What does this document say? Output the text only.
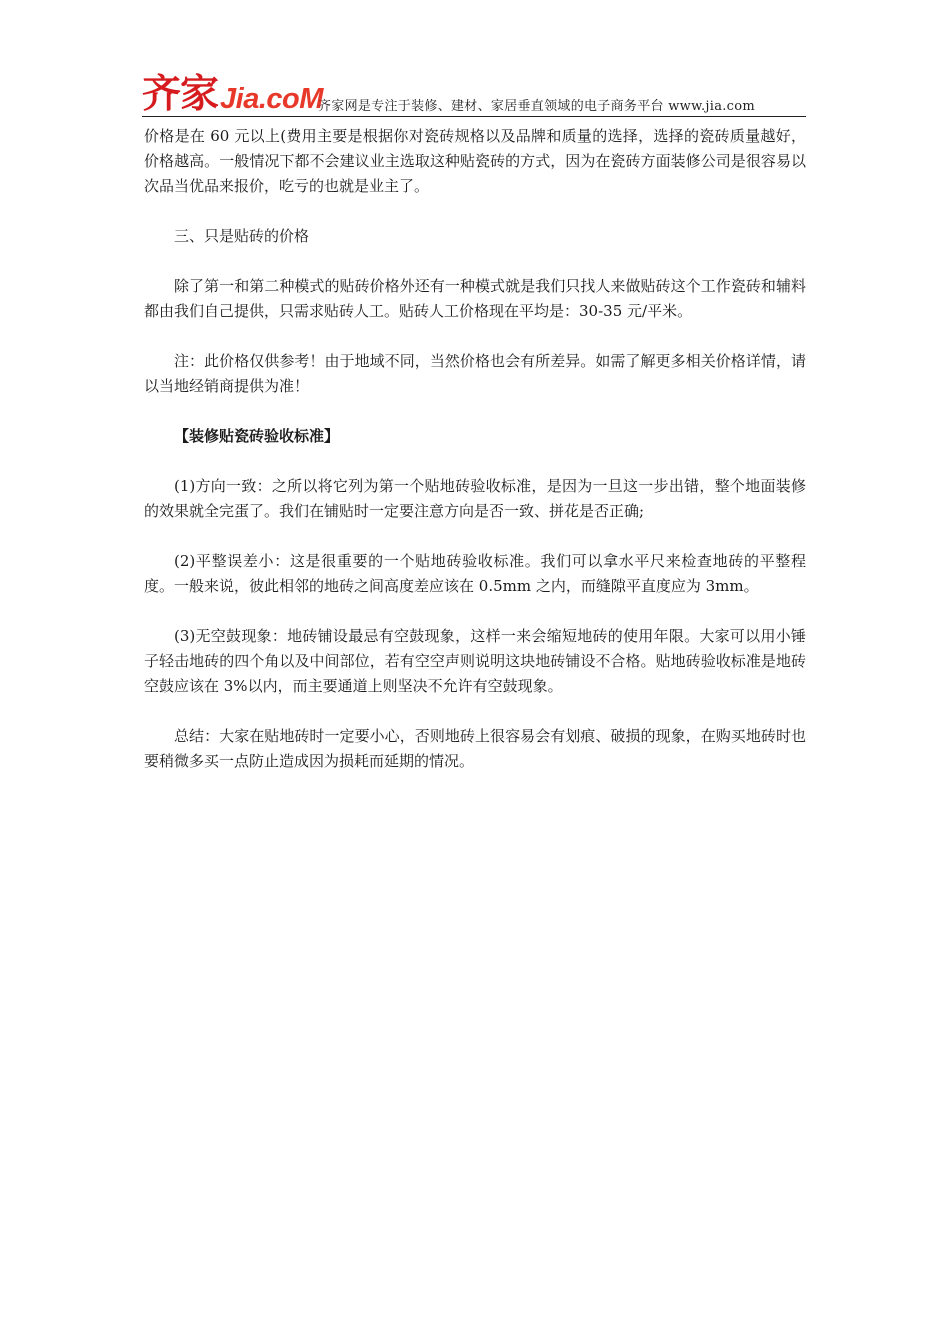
齐家 Jia.coM
齐家网是专注于装修、建材、家居垂直领域的电子商务平台 www.jia.com

价格是在 60 元以上(费用主要是根据你对瓷砖规格以及品牌和质量的选择，选择的瓷砖质量越好，价格越高。一般情况下都不会建议业主选取这种贴瓷砖的方式，因为在瓷砖方面装修公司是很容易以次品当优品来报价，吃亏的也就是业主了。

三、只是贴砖的价格

除了第一和第二种模式的贴砖价格外还有一种模式就是我们只找人来做贴砖这个工作瓷砖和辅料都由我们自己提供，只需求贴砖人工。贴砖人工价格现在平均是：30-35 元/平米。

注：此价格仅供参考！由于地域不同，当然价格也会有所差异。如需了解更多相关价格详情，请以当地经销商提供为准！

【装修贴瓷砖验收标准】

(1)方向一致：之所以将它列为第一个贴地砖验收标准，是因为一旦这一步出错，整个地面装修的效果就全完蛋了。我们在铺贴时一定要注意方向是否一致、拼花是否正确;

(2)平整误差小：这是很重要的一个贴地砖验收标准。我们可以拿水平尺来检查地砖的平整程度。一般来说，彼此相邻的地砖之间高度差应该在 0.5mm 之内，而缝隙平直度应为 3mm。

(3)无空鼓现象：地砖铺设最忌有空鼓现象，这样一来会缩短地砖的使用年限。大家可以用小锤子轻击地砖的四个角以及中间部位，若有空空声则说明这块地砖铺设不合格。贴地砖验收标准是地砖空鼓应该在 3%以内，而主要通道上则坚决不允许有空鼓现象。

总结：大家在贴地砖时一定要小心，否则地砖上很容易会有划痕、破损的现象，在购买地砖时也要稍微多买一点防止造成因为损耗而延期的情况。
